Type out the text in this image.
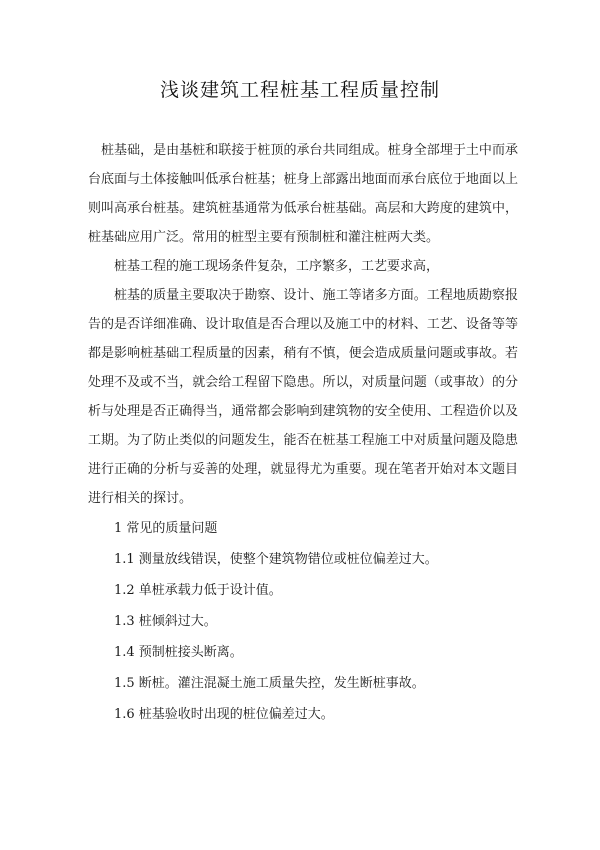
浅谈建筑工程桩基工程质量控制

桩基础，是由基桩和联接于桩顶的承台共同组成。桩身全部埋于土中而承台底面与土体接触叫低承台桩基；桩身上部露出地面而承台底位于地面以上则叫高承台桩基。建筑桩基通常为低承台桩基础。高层和大跨度的建筑中，桩基础应用广泛。常用的桩型主要有预制桩和灌注桩两大类。

桩基工程的施工现场条件复杂，工序繁多，工艺要求高，

桩基的质量主要取决于勘察、设计、施工等诸多方面。工程地质勘察报告的是否详细准确、设计取值是否合理以及施工中的材料、工艺、设备等等都是影响桩基础工程质量的因素，稍有不慎，便会造成质量问题或事故。若处理不及或不当，就会给工程留下隐患。所以，对质量问题（或事故）的分析与处理是否正确得当，通常都会影响到建筑物的安全使用、工程造价以及工期。为了防止类似的问题发生，能否在桩基工程施工中对质量问题及隐患进行正确的分析与妥善的处理，就显得尤为重要。现在笔者开始对本文题目进行相关的探讨。

1 常见的质量问题

1.1 测量放线错误，使整个建筑物错位或桩位偏差过大。

1.2 单桩承载力低于设计值。

1.3 桩倾斜过大。

1.4 预制桩接头断离。

1.5 断桩。灌注混凝土施工质量失控，发生断桩事故。

1.6 桩基验收时出现的桩位偏差过大。
